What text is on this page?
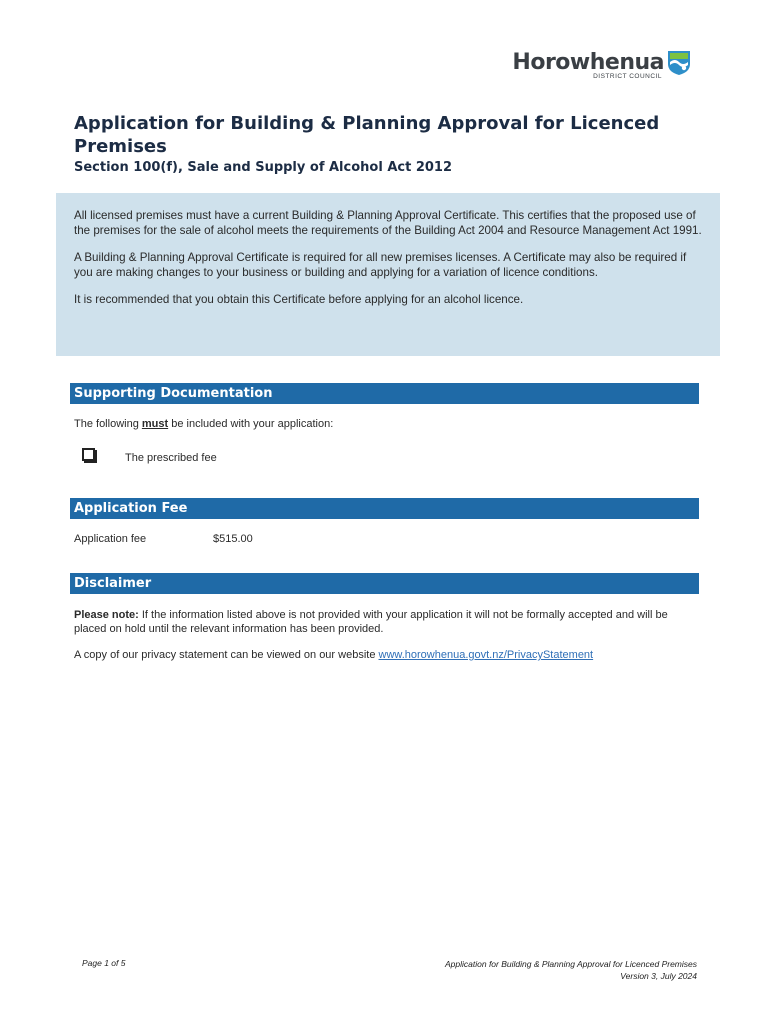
Horowhenua
DISTRICT COUNCIL
Application for Building & Planning Approval for Licenced Premises
Section 100(f), Sale and Supply of Alcohol Act 2012

All licensed premises must have a current Building & Planning Approval Certificate. This certifies that the proposed use of the premises for the sale of alcohol meets the requirements of the Building Act 2004 and Resource Management Act 1991.

A Building & Planning Approval Certificate is required for all new premises licenses. A Certificate may also be required if you are making changes to your business or building and applying for a variation of licence conditions.

It is recommended that you obtain this Certificate before applying for an alcohol licence.

Supporting Documentation
The following must be included with your application:
The prescribed fee
Application Fee
Application fee	$515.00
Disclaimer
Please note: If the information listed above is not provided with your application it will not be formally accepted and will be placed on hold until the relevant information has been provided.
A copy of our privacy statement can be viewed on our website www.horowhenua.govt.nz/PrivacyStatement
Page 1 of 5	Application for Building & Planning Approval for Licenced Premises
Version 3, July 2024
